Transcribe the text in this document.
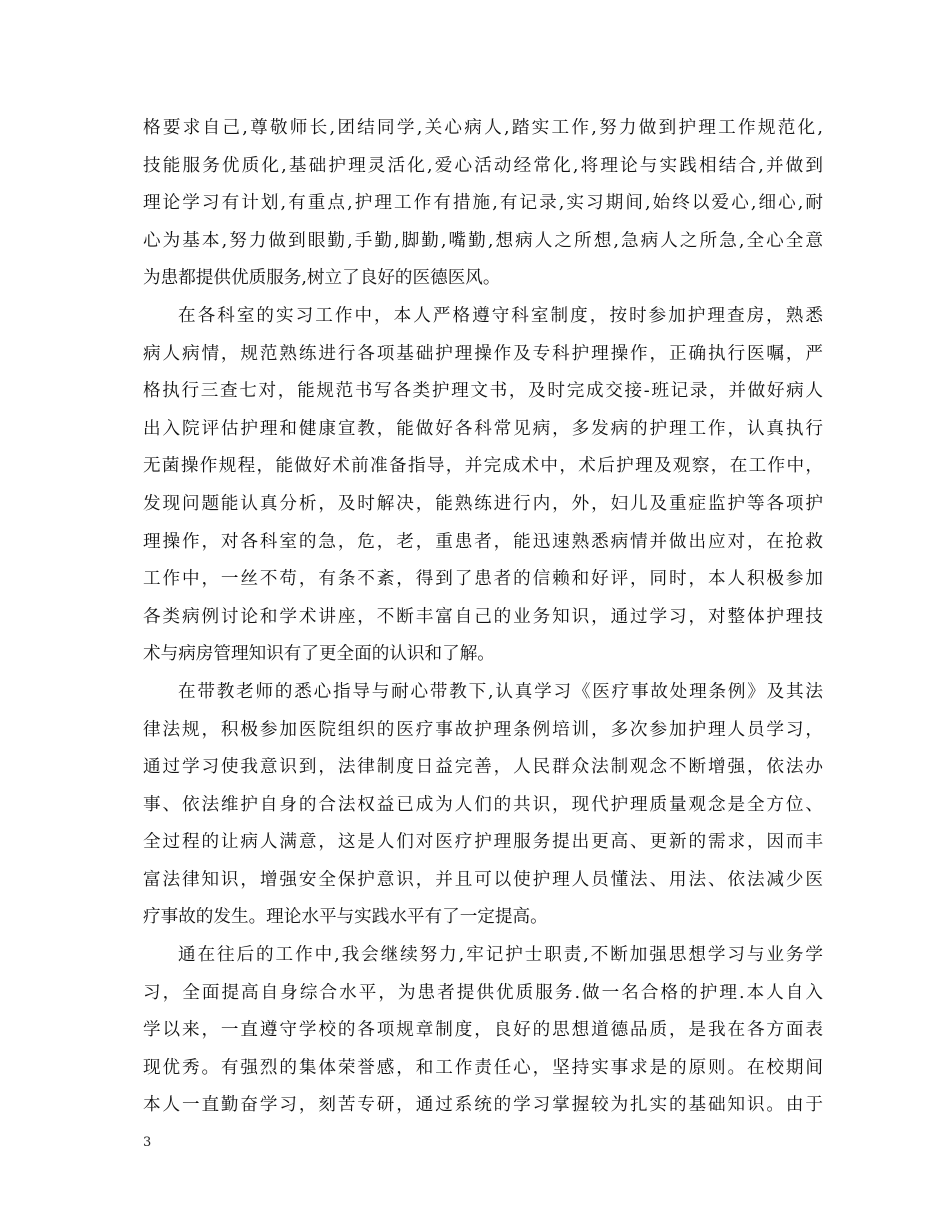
格要求自己,尊敬师长,团结同学,关心病人,踏实工作,努力做到护理工作规范化,
技能服务优质化,基础护理灵活化,爱心活动经常化,将理论与实践相结合,并做到
理论学习有计划,有重点,护理工作有措施,有记录,实习期间,始终以爱心,细心,耐
心为基本,努力做到眼勤,手勤,脚勤,嘴勤,想病人之所想,急病人之所急,全心全意
为患都提供优质服务,树立了良好的医德医风。
在各科室的实习工作中，本人严格遵守科室制度，按时参加护理查房，熟悉
病人病情，规范熟练进行各项基础护理操作及专科护理操作，正确执行医嘱，严
格执行三查七对，能规范书写各类护理文书，及时完成交接-班记录，并做好病人
出入院评估护理和健康宣教，能做好各科常见病，多发病的护理工作，认真执行
无菌操作规程，能做好术前准备指导，并完成术中，术后护理及观察，在工作中，
发现问题能认真分析，及时解决，能熟练进行内，外，妇儿及重症监护等各项护
理操作，对各科室的急，危，老，重患者，能迅速熟悉病情并做出应对，在抢救
工作中，一丝不苟，有条不紊，得到了患者的信赖和好评，同时，本人积极参加
各类病例讨论和学术讲座，不断丰富自己的业务知识，通过学习，对整体护理技
术与病房管理知识有了更全面的认识和了解。
在带教老师的悉心指导与耐心带教下,认真学习《医疗事故处理条例》及其法
律法规，积极参加医院组织的医疗事故护理条例培训，多次参加护理人员学习，
通过学习使我意识到，法律制度日益完善，人民群众法制观念不断增强，依法办
事、依法维护自身的合法权益已成为人们的共识，现代护理质量观念是全方位、
全过程的让病人满意，这是人们对医疗护理服务提出更高、更新的需求，因而丰
富法律知识，增强安全保护意识，并且可以使护理人员懂法、用法、依法减少医
疗事故的发生。理论水平与实践水平有了一定提高。
通在往后的工作中,我会继续努力,牢记护士职责,不断加强思想学习与业务学
习，全面提高自身综合水平，为患者提供优质服务.做一名合格的护理.本人自入
学以来，一直遵守学校的各项规章制度，良好的思想道德品质，是我在各方面表
现优秀。有强烈的集体荣誉感，和工作责任心，坚持实事求是的原则。在校期间
本人一直勤奋学习，刻苦专研，通过系统的学习掌握较为扎实的基础知识。由于
3
